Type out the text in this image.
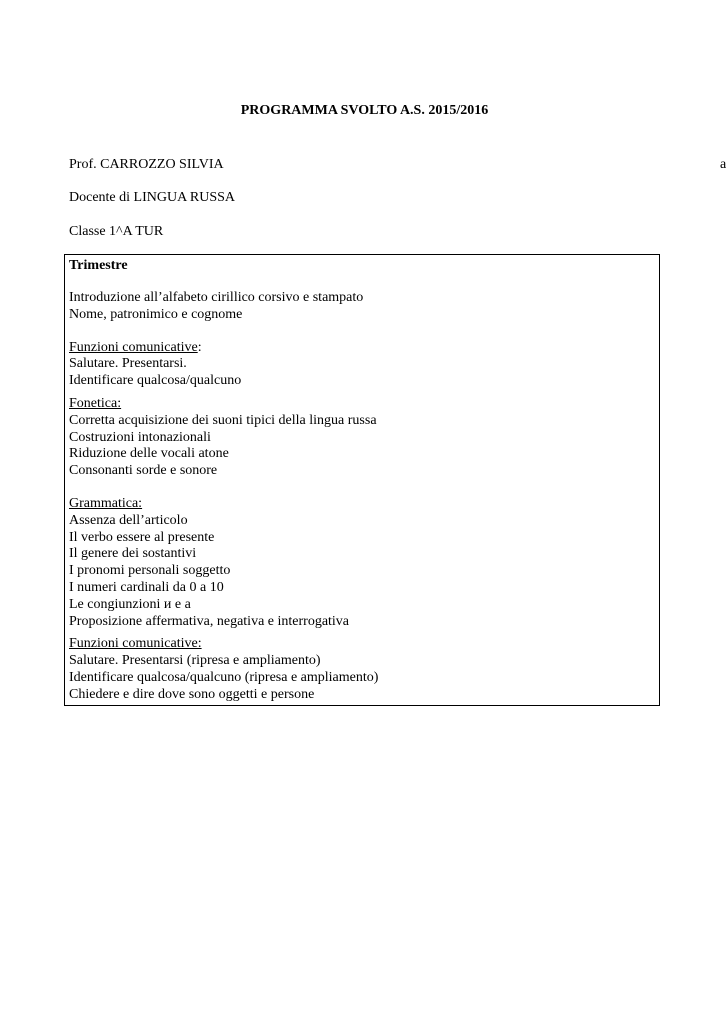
PROGRAMMA SVOLTO A.S. 2015/2016
Prof. CARROZZO SILVIA	a
Docente di LINGUA RUSSA
Classe 1^A TUR
Trimestre
Introduzione all’alfabeto cirillico corsivo e stampato
Nome, patronimico e cognome
Funzioni comunicative:
Salutare. Presentarsi.
Identificare qualcosa/qualcuno
Fonetica:
Corretta acquisizione dei suoni tipici della lingua russa
Costruzioni intonazionali
Riduzione delle vocali atone
Consonanti sorde e sonore
Grammatica:
Assenza dell’articolo
Il verbo essere al presente
Il genere dei sostantivi
I pronomi personali soggetto
I numeri cardinali da 0 a 10
Le congiunzioni и e а
Proposizione affermativa, negativa e interrogativa
Funzioni comunicative:
Salutare. Presentarsi (ripresa e ampliamento)
Identificare qualcosa/qualcuno (ripresa e ampliamento)
Chiedere e dire dove sono oggetti e persone
